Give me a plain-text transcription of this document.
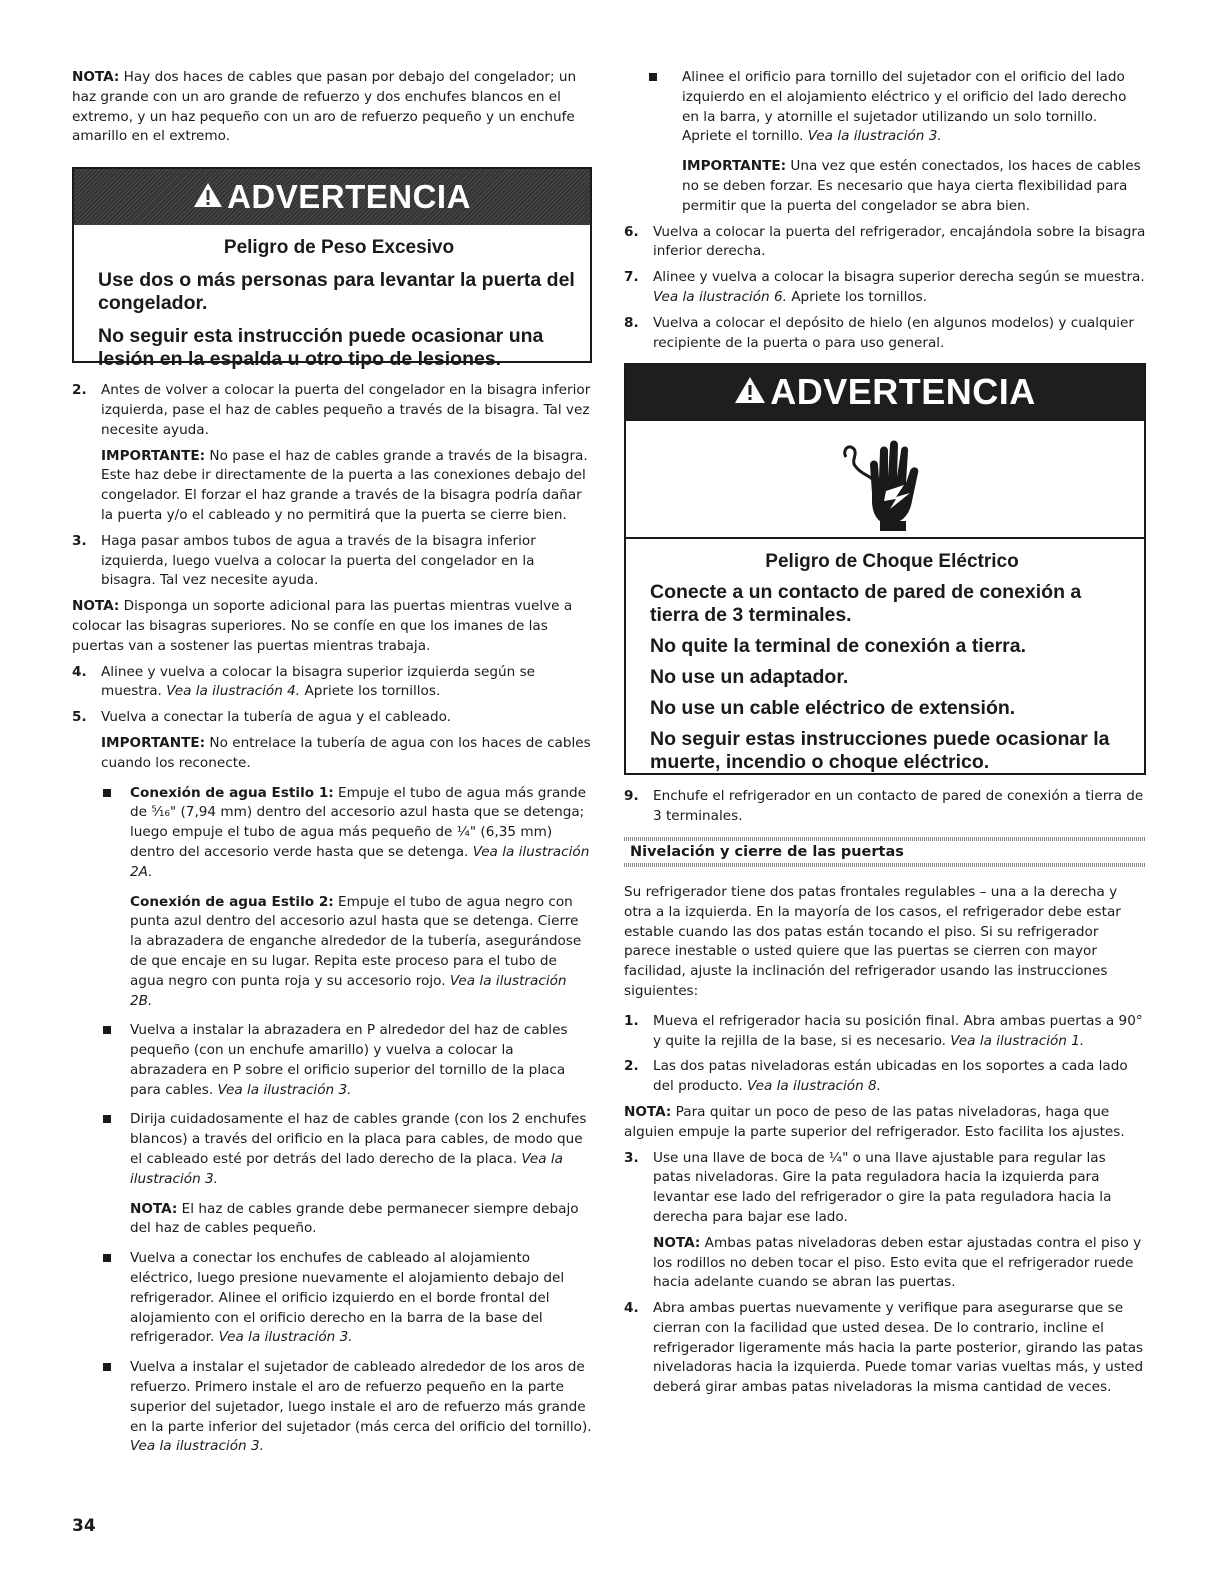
NOTA: Hay dos haces de cables que pasan por debajo del congelador; un haz grande con un aro grande de refuerzo y dos enchufes blancos en el extremo, y un haz pequeño con un aro de refuerzo pequeño y un enchufe amarillo en el extremo.

ADVERTENCIA

Peligro de Peso Excesivo

Use dos o más personas para levantar la puerta del congelador.

No seguir esta instrucción puede ocasionar una lesión en la espalda u otro tipo de lesiones.

2. Antes de volver a colocar la puerta del congelador en la bisagra inferior izquierda, pase el haz de cables pequeño a través de la bisagra. Tal vez necesite ayuda.

IMPORTANTE: No pase el haz de cables grande a través de la bisagra. Este haz debe ir directamente de la puerta a las conexiones debajo del congelador. El forzar el haz grande a través de la bisagra podría dañar la puerta y/o el cableado y no permitirá que la puerta se cierre bien.

3. Haga pasar ambos tubos de agua a través de la bisagra inferior izquierda, luego vuelva a colocar la puerta del congelador en la bisagra. Tal vez necesite ayuda.

NOTA: Disponga un soporte adicional para las puertas mientras vuelve a colocar las bisagras superiores. No se confíe en que los imanes de las puertas van a sostener las puertas mientras trabaja.

4. Alinee y vuelva a colocar la bisagra superior izquierda según se muestra. Vea la ilustración 4. Apriete los tornillos.
5. Vuelva a conectar la tubería de agua y el cableado.

IMPORTANTE: No entrelace la tubería de agua con los haces de cables cuando los reconecte.

Conexión de agua Estilo 1: Empuje el tubo de agua más grande de ⁵⁄₁₆" (7,94 mm) dentro del accesorio azul hasta que se detenga; luego empuje el tubo de agua más pequeño de ¼" (6,35 mm) dentro del accesorio verde hasta que se detenga. Vea la ilustración 2A.

Conexión de agua Estilo 2: Empuje el tubo de agua negro con punta azul dentro del accesorio azul hasta que se detenga. Cierre la abrazadera de enganche alrededor de la tubería, asegurándose de que encaje en su lugar. Repita este proceso para el tubo de agua negro con punta roja y su accesorio rojo. Vea la ilustración 2B.

Vuelva a instalar la abrazadera en P alrededor del haz de cables pequeño (con un enchufe amarillo) y vuelva a colocar la abrazadera en P sobre el orificio superior del tornillo de la placa para cables. Vea la ilustración 3.
Dirija cuidadosamente el haz de cables grande (con los 2 enchufes blancos) a través del orificio en la placa para cables, de modo que el cableado esté por detrás del lado derecho de la placa. Vea la ilustración 3.

NOTA: El haz de cables grande debe permanecer siempre debajo del haz de cables pequeño.

Vuelva a conectar los enchufes de cableado al alojamiento eléctrico, luego presione nuevamente el alojamiento debajo del refrigerador. Alinee el orificio izquierdo en el borde frontal del alojamiento con el orificio derecho en la barra de la base del refrigerador. Vea la ilustración 3.
Vuelva a instalar el sujetador de cableado alrededor de los aros de refuerzo. Primero instale el aro de refuerzo pequeño en la parte superior del sujetador, luego instale el aro de refuerzo más grande en la parte inferior del sujetador (más cerca del orificio del tornillo). Vea la ilustración 3.
Alinee el orificio para tornillo del sujetador con el orificio del lado izquierdo en el alojamiento eléctrico y el orificio del lado derecho en la barra, y atornille el sujetador utilizando un solo tornillo. Apriete el tornillo. Vea la ilustración 3.

IMPORTANTE: Una vez que estén conectados, los haces de cables no se deben forzar. Es necesario que haya cierta flexibilidad para permitir que la puerta del congelador se abra bien.

6. Vuelva a colocar la puerta del refrigerador, encajándola sobre la bisagra inferior derecha.
7. Alinee y vuelva a colocar la bisagra superior derecha según se muestra. Vea la ilustración 6. Apriete los tornillos.
8. Vuelva a colocar el depósito de hielo (en algunos modelos) y cualquier recipiente de la puerta o para uso general.
ADVERTENCIA

Peligro de Choque Eléctrico

Conecte a un contacto de pared de conexión a tierra de 3 terminales.

No quite la terminal de conexión a tierra.

No use un adaptador.

No use un cable eléctrico de extensión.

No seguir estas instrucciones puede ocasionar la muerte, incendio o choque eléctrico.

9. Enchufe el refrigerador en un contacto de pared de conexión a tierra de 3 terminales.

Nivelación y cierre de las puertas

Su refrigerador tiene dos patas frontales regulables – una a la derecha y otra a la izquierda. En la mayoría de los casos, el refrigerador debe estar estable cuando las dos patas están tocando el piso. Si su refrigerador parece inestable o usted quiere que las puertas se cierren con mayor facilidad, ajuste la inclinación del refrigerador usando las instrucciones siguientes:

1. Mueva el refrigerador hacia su posición final. Abra ambas puertas a 90° y quite la rejilla de la base, si es necesario. Vea la ilustración 1.
2. Las dos patas niveladoras están ubicadas en los soportes a cada lado del producto. Vea la ilustración 8.

NOTA: Para quitar un poco de peso de las patas niveladoras, haga que alguien empuje la parte superior del refrigerador. Esto facilita los ajustes.

3. Use una llave de boca de ¼" o una llave ajustable para regular las patas niveladoras. Gire la pata reguladora hacia la izquierda para levantar ese lado del refrigerador o gire la pata reguladora hacia la derecha para bajar ese lado.

NOTA: Ambas patas niveladoras deben estar ajustadas contra el piso y los rodillos no deben tocar el piso. Esto evita que el refrigerador ruede hacia adelante cuando se abran las puertas.

4. Abra ambas puertas nuevamente y verifique para asegurarse que se cierran con la facilidad que usted desea. De lo contrario, incline el refrigerador ligeramente más hacia la parte posterior, girando las patas niveladoras hacia la izquierda. Puede tomar varias vueltas más, y usted deberá girar ambas patas niveladoras la misma cantidad de veces.
34
